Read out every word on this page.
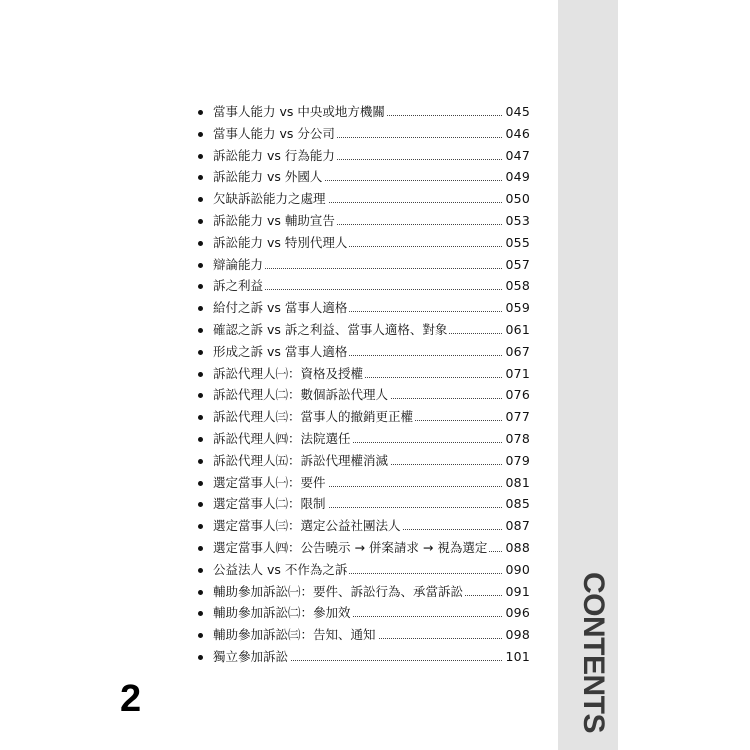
當事人能力 vs 中央或地方機關	045
當事人能力 vs 分公司	046
訴訟能力 vs 行為能力	047
訴訟能力 vs 外國人	049
欠缺訴訟能力之處理	050
訴訟能力 vs 輔助宣告	053
訴訟能力 vs 特別代理人	055
辯論能力	057
訴之利益	058
給付之訴 vs 當事人適格	059
確認之訴 vs 訴之利益、當事人適格、對象	061
形成之訴 vs 當事人適格	067
訴訟代理人㈠：資格及授權	071
訴訟代理人㈡：數個訴訟代理人	076
訴訟代理人㈢：當事人的撤銷更正權	077
訴訟代理人㈣：法院選任	078
訴訟代理人㈤：訴訟代理權消滅	079
選定當事人㈠：要件	081
選定當事人㈡：限制	085
選定當事人㈢：選定公益社團法人	087
選定當事人㈣：公告曉示 → 併案請求 → 視為選定 088
公益法人 vs 不作為之訴	090
輔助參加訴訟㈠：要件、訴訟行為、承當訴訟	091
輔助參加訴訟㈡：參加效	096
輔助參加訴訟㈢：告知、通知	098
獨立參加訴訟	101
2	CONTENTS
